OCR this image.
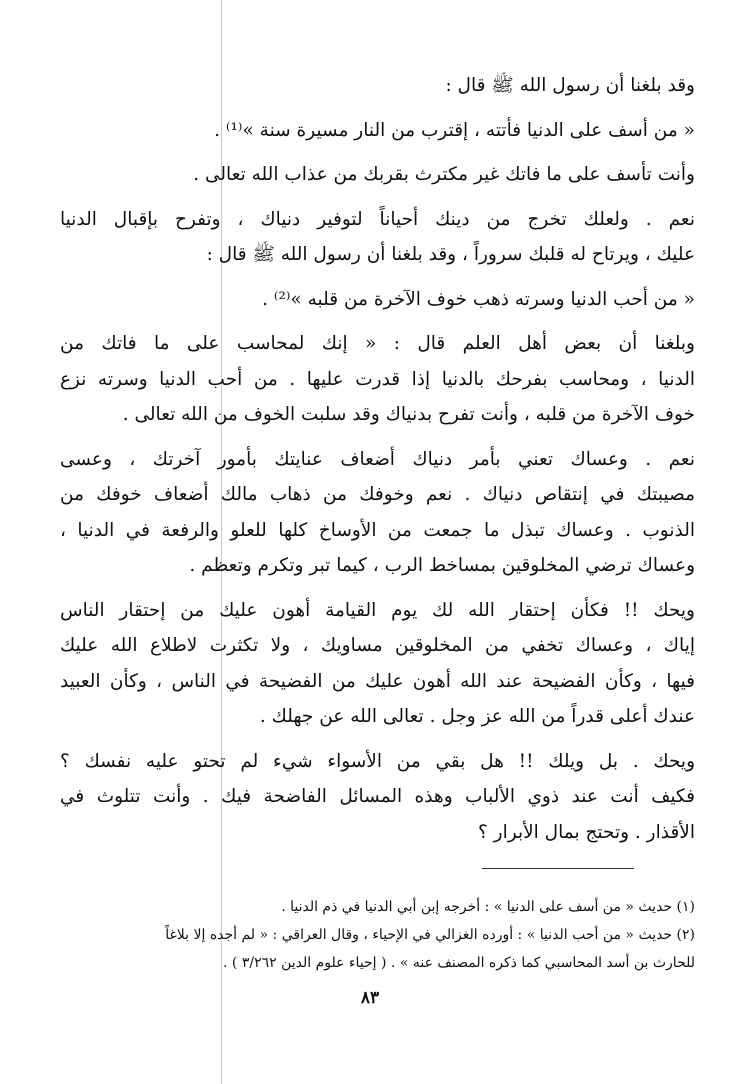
وقد بلغنا أن رسول الله ﷺ قال :

« من أسف على الدنيا فأتته ، إقترب من النار مسيرة سنة »⁽¹⁾ .

وأنت تأسف على ما فاتك غير مكترث بقربك من عذاب الله تعالى .

نعم . ولعلك تخرج من دينك أحياناً لتوفير دنياك ، وتفرح بإقبال الدنيا
عليك ، ويرتاح له قلبك سروراً ، وقد بلغنا أن رسول الله ﷺ قال :

« من أحب الدنيا وسرته ذهب خوف الآخرة من قلبه »⁽²⁾ .

وبلغنا أن بعض أهل العلم قال : « إنك لمحاسب على ما فاتك من
الدنيا ، ومحاسب بفرحك بالدنيا إذا قدرت عليها . من أحب الدنيا وسرته نزع
خوف الآخرة من قلبه ، وأنت تفرح بدنياك وقد سلبت الخوف من الله تعالى .

نعم . وعساك تعني بأمر دنياك أضعاف عنايتك بأمور آخرتك ، وعسى
مصيبتك في إنتقاص دنياك . نعم وخوفك من ذهاب مالك أضعاف خوفك من
الذنوب . وعساك تبذل ما جمعت من الأوساخ كلها للعلو والرفعة في الدنيا ،
وعساك ترضي المخلوقين بمساخط الرب ، كيما تبر وتكرم وتعظم .

ويحك !! فكأن إحتقار الله لك يوم القيامة أهون عليك من إحتقار الناس
إياك ، وعساك تخفي من المخلوقين مساويك ، ولا تكثرت لاطلاع الله عليك
فيها ، وكأن الفضيحة عند الله أهون عليك من الفضيحة في الناس ، وكأن العبيد
عندك أعلى قدراً من الله عز وجل . تعالى الله عن جهلك .

ويحك . بل ويلك !! هل بقي من الأسواء شيء لم تحتو عليه نفسك ؟
فكيف أنت عند ذوي الألباب وهذه المسائل الفاضحة فيك . وأنت تتلوث في
الأقذار . وتحتج بمال الأبرار ؟

(١) حديث « من أسف على الدنيا » : أخرجه إبن أبي الدنيا في ذم الدنيا .
(٢) حديث « من أحب الدنيا » : أورده الغزالي في الإحياء ، وقال العراقي : « لم أجده إلا بلاغاً
للحارث بن أسد المحاسبي كما ذكره المصنف عنه » . ( إحياء علوم الدين ٣/٢٦٢ ) .
٨٣
